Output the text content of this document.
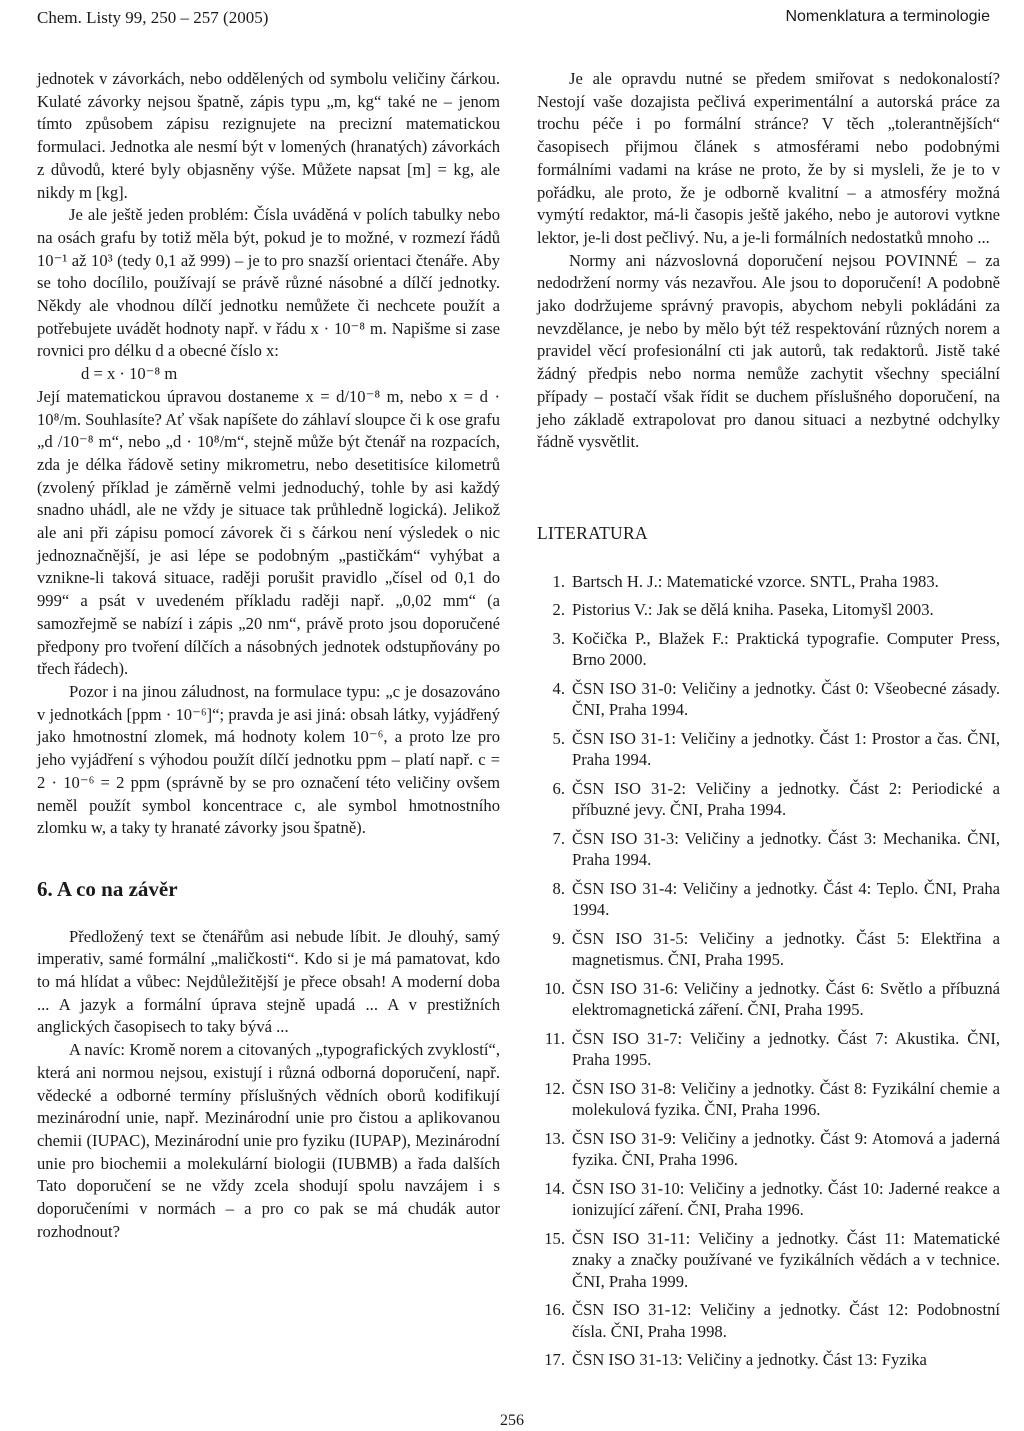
Chem. Listy 99, 250 – 257 (2005)	Nomenklatura a terminologie

jednotek v závorkách, nebo oddělených od symbolu veličiny čárkou. Kulaté závorky nejsou špatně, zápis typu „m, kg“ také ne – jenom tímto způsobem zápisu rezignujete na precizní matematickou formulaci. Jednotka ale nesmí být v lomených (hranatých) závorkách z důvodů, které byly objasněny výše. Můžete napsat [m] = kg, ale nikdy m [kg].

Je ale ještě jeden problém: Čísla uváděná v polích tabulky nebo na osách grafu by totiž měla být, pokud je to možné, v rozmezí řádů 10⁻¹ až 10³ (tedy 0,1 až 999) – je to pro snazší orientaci čtenáře. Aby se toho docílilo, používají se právě různé násobné a dílčí jednotky. Někdy ale vhodnou dílčí jednotku nemůžete či nechcete použít a potřebujete uvádět hodnoty např. v řádu x · 10⁻⁸ m. Napišme si zase rovnici pro délku d a obecné číslo x:

d = x · 10⁻⁸ m

Její matematickou úpravou dostaneme x = d/10⁻⁸ m, nebo x = d · 10⁸/m. Souhlasíte? Ať však napíšete do záhlaví sloupce či k ose grafu „d /10⁻⁸ m“, nebo „d · 10⁸/m“, stejně může být čtenář na rozpacích, zda je délka řádově setiny mikrometru, nebo desetitisíce kilometrů (zvolený příklad je záměrně velmi jednoduchý, tohle by asi každý snadno uhádl, ale ne vždy je situace tak průhledně logická). Jelikož ale ani při zápisu pomocí závorek či s čárkou není výsledek o nic jednoznačnější, je asi lépe se podobným „pastičkám“ vyhýbat a vznikne-li taková situace, raději porušit pravidlo „čísel od 0,1 do 999“ a psát v uvedeném příkladu raději např. „0,02 mm“ (a samozřejmě se nabízí i zápis „20 nm“, právě proto jsou doporučené předpony pro tvoření dílčích a násobných jednotek odstupňovány po třech řádech).

Pozor i na jinou záludnost, na formulace typu: „c je dosazováno v jednotkách [ppm · 10⁻⁶]“; pravda je asi jiná: obsah látky, vyjádřený jako hmotnostní zlomek, má hodnoty kolem 10⁻⁶, a proto lze pro jeho vyjádření s výhodou použít dílčí jednotku ppm – platí např. c = 2 · 10⁻⁶ = 2 ppm (správně by se pro označení této veličiny ovšem neměl použít symbol koncentrace c, ale symbol hmotnostního zlomku w, a taky ty hranaté závorky jsou špatně).

6. A co na závěr

Předložený text se čtenářům asi nebude líbit. Je dlouhý, samý imperativ, samé formální „maličkosti“. Kdo si je má pamatovat, kdo to má hlídat a vůbec: Nejdůležitější je přece obsah! A moderní doba ... A jazyk a formální úprava stejně upadá ... A v prestižních anglických časopisech to taky bývá ...

A navíc: Kromě norem a citovaných „typografických zvyklostí“, která ani normou nejsou, existují i různá odborná doporučení, např. vědecké a odborné termíny příslušných vědních oborů kodifikují mezinárodní unie, např. Mezinárodní unie pro čistou a aplikovanou chemii (IUPAC), Mezinárodní unie pro fyziku (IUPAP), Mezinárodní unie pro biochemii a molekulární biologii (IUBMB) a řada dalších Tato doporučení se ne vždy zcela shodují spolu navzájem i s doporučeními v normách – a pro co pak se má chudák autor rozhodnout?

Je ale opravdu nutné se předem smiřovat s nedokonalostí? Nestojí vaše dozajista pečlivá experimentální a autorská práce za trochu péče i po formální stránce? V těch „tolerantnějších“ časopisech přijmou článek s atmosférami nebo podobnými formálními vadami na kráse ne proto, že by si mysleli, že je to v pořádku, ale proto, že je odborně kvalitní – a atmosféry možná vymýtí redaktor, má-li časopis ještě jakého, nebo je autorovi vytkne lektor, je-li dost pečlivý. Nu, a je-li formálních nedostatků mnoho ...

Normy ani názvoslovná doporučení nejsou POVINNÉ – za nedodržení normy vás nezavřou. Ale jsou to doporučení! A podobně jako dodržujeme správný pravopis, abychom nebyli pokládáni za nevzdělance, je nebo by mělo být též respektování různých norem a pravidel věcí profesionální cti jak autorů, tak redaktorů. Jistě také žádný předpis nebo norma nemůže zachytit všechny speciální případy – postačí však řídit se duchem příslušného doporučení, na jeho základě extrapolovat pro danou situaci a nezbytné odchylky řádně vysvětlit.

LITERATURA
1. Bartsch H. J.: Matematické vzorce. SNTL, Praha 1983.
2. Pistorius V.: Jak se dělá kniha. Paseka, Litomyšl 2003.
3. Kočička P., Blažek F.: Praktická typografie. Computer Press, Brno 2000.
4. ČSN ISO 31-0: Veličiny a jednotky. Část 0: Všeobecné zásady. ČNI, Praha 1994.
5. ČSN ISO 31-1: Veličiny a jednotky. Část 1: Prostor a čas. ČNI, Praha 1994.
6. ČSN ISO 31-2: Veličiny a jednotky. Část 2: Periodické a příbuzné jevy. ČNI, Praha 1994.
7. ČSN ISO 31-3: Veličiny a jednotky. Část 3: Mechanika. ČNI, Praha 1994.
8. ČSN ISO 31-4: Veličiny a jednotky. Část 4: Teplo. ČNI, Praha 1994.
9. ČSN ISO 31-5: Veličiny a jednotky. Část 5: Elektřina a magnetismus. ČNI, Praha 1995.
10. ČSN ISO 31-6: Veličiny a jednotky. Část 6: Světlo a příbuzná elektromagnetická záření. ČNI, Praha 1995.
11. ČSN ISO 31-7: Veličiny a jednotky. Část 7: Akustika. ČNI, Praha 1995.
12. ČSN ISO 31-8: Veličiny a jednotky. Část 8: Fyzikální chemie a molekulová fyzika. ČNI, Praha 1996.
13. ČSN ISO 31-9: Veličiny a jednotky. Část 9: Atomová a jaderná fyzika. ČNI, Praha 1996.
14. ČSN ISO 31-10: Veličiny a jednotky. Část 10: Jaderné reakce a ionizující záření. ČNI, Praha 1996.
15. ČSN ISO 31-11: Veličiny a jednotky. Část 11: Matematické znaky a značky používané ve fyzikálních vědách a v technice. ČNI, Praha 1999.
16. ČSN ISO 31-12: Veličiny a jednotky. Část 12: Podobnostní čísla. ČNI, Praha 1998.
17. ČSN ISO 31-13: Veličiny a jednotky. Část 13: Fyzika
256
